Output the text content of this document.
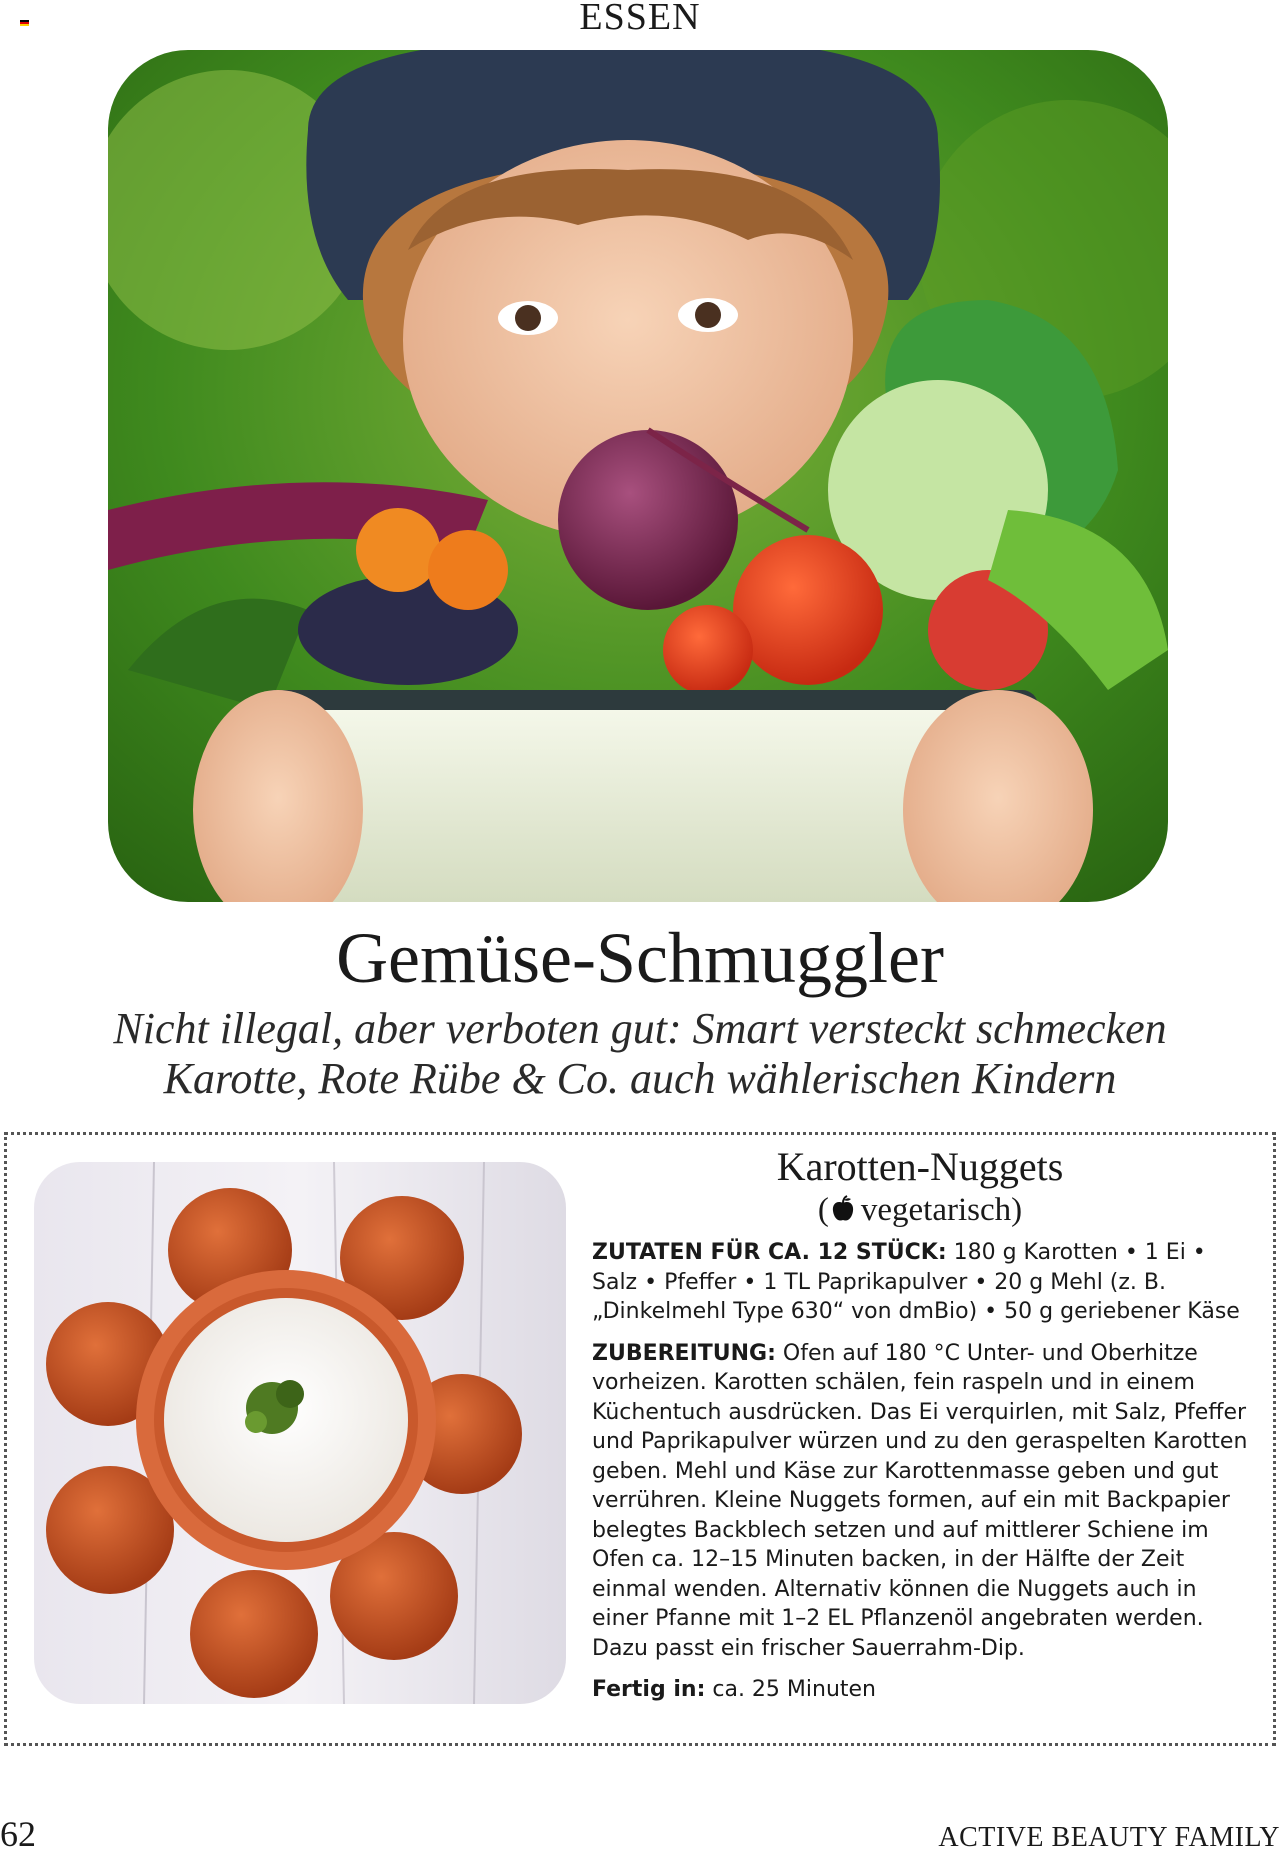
ESSEN
Gemüse-Schmuggler
Nicht illegal, aber verboten gut: Smart versteckt schmecken
Karotte, Rote Rübe & Co. auch wählerischen Kindern
Karotten-Nuggets
( vegetarisch)

ZUTATEN FÜR CA. 12 STÜCK: 180 g Karotten • 1 Ei • Salz • Pfeffer • 1 TL Paprikapulver • 20 g Mehl (z. B. „Dinkelmehl Type 630“ von dmBio) • 50 g geriebener Käse

ZUBEREITUNG: Ofen auf 180 °C Unter- und Oberhitze vorheizen. Karotten schälen, fein raspeln und in einem Küchentuch ausdrücken. Das Ei verquirlen, mit Salz, Pfeffer und Paprikapulver würzen und zu den geraspelten Karotten geben. Mehl und Käse zur Karottenmasse geben und gut verrühren. Kleine Nuggets formen, auf ein mit Backpapier belegtes Backblech setzen und auf mittlerer Schiene im Ofen ca. 12–15 Minuten backen, in der Hälfte der Zeit einmal wenden. Alternativ können die Nuggets auch in einer Pfanne mit 1–2 EL Pflanzenöl angebraten werden. Dazu passt ein frischer Sauerrahm-Dip.

Fertig in: ca. 25 Minuten

62	ACTIVE BEAUTY FAMILY
